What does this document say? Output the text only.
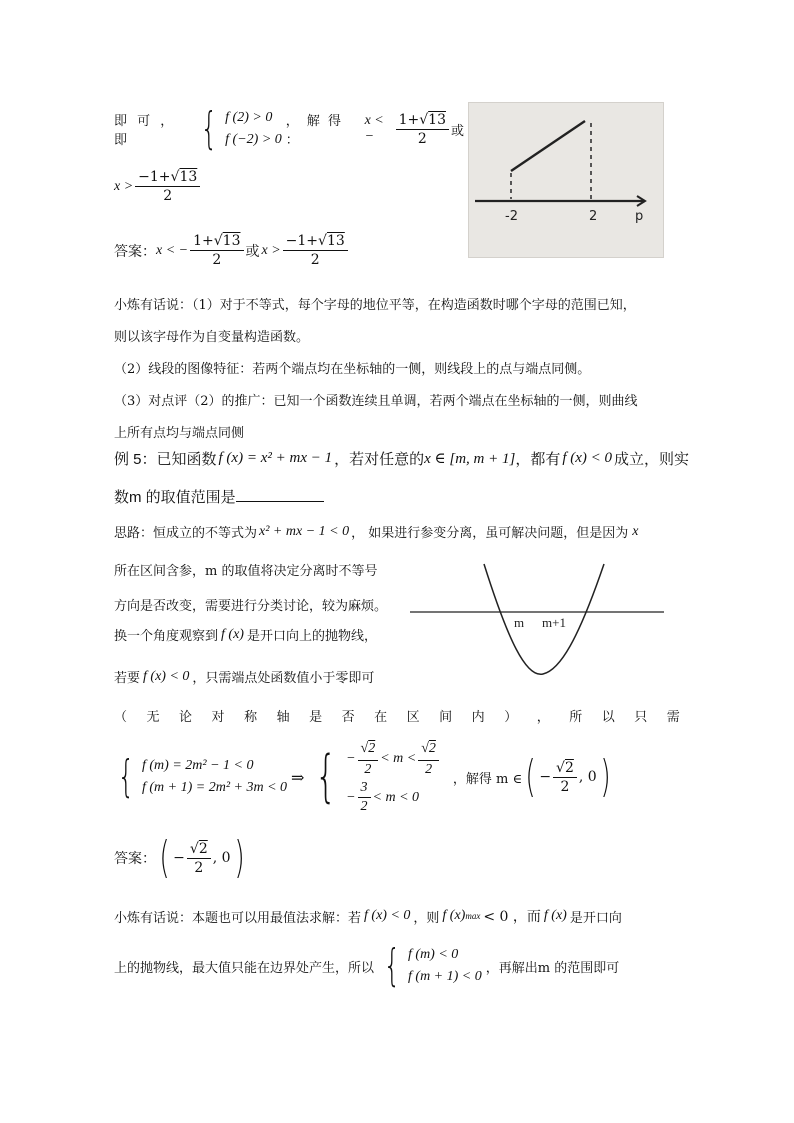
即 可 ， 即	{ f (2) > 0
f (−2) > 0
， 解 得 ：
x < −	$\frac{1+√13}{2}$ 或
$x > \frac{-1+√13}{2}$
答案： x < − $\frac{1+√13}{2}$ 或 $x > \frac{-1+√13}{2}$
-2	2	p
小炼有话说：（1）对于不等式，每个字母的地位平等，在构造函数时哪个字母的范围已知，
则以该字母作为自变量构造函数。
（2）线段的图像特征：若两个端点均在坐标轴的一侧，则线段上的点与端点同侧。
（3）对点评（2）的推广：已知一个函数连续且单调，若两个端点在坐标轴的一侧，则曲线
上所有点均与端点同侧
例 5：已知函数 f (x) = x² + mx − 1 ，若对任意的 x ∈ [m, m + 1] ，都有 f (x) < 0 成立，则实
数m 的取值范围是
思路：恒成立的不等式为 x² + mx − 1 < 0 ， 如果进行参变分离，虽可解决问题，但是因为 x
所在区间含参，m 的取值将决定分离时不等号
方向是否改变，需要进行分类讨论，较为麻烦。
换一个角度观察到 f (x) 是开口向上的抛物线，
若要 f (x) < 0 ，只需端点处函数值小于零即可
（ 无 论 对 称 轴 是 否 在 区 间 内 ） ， 所 以 只 需
m m+1
{ f (m) = 2m² − 1 < 0
f (m + 1) = 2m² + 3m < 0
⇒ { − $\frac{√2}{2} < m < \frac{√2}{2}$
− $\frac{3}{2} < m < 0$
，解得 m ∈ ( − $\frac{√2}{2}$ , 0 )
答案： ( − $\frac{√2}{2}$ , 0 )
小炼有话说：本题也可以用最值法求解：若 f (x) < 0 ，则 f (x) max < 0 ，而 f (x) 是开口向
上的抛物线，最大值只能在边界处产生，所以 { f (m) < 0
f (m + 1) < 0
，再解出m 的范围即可
